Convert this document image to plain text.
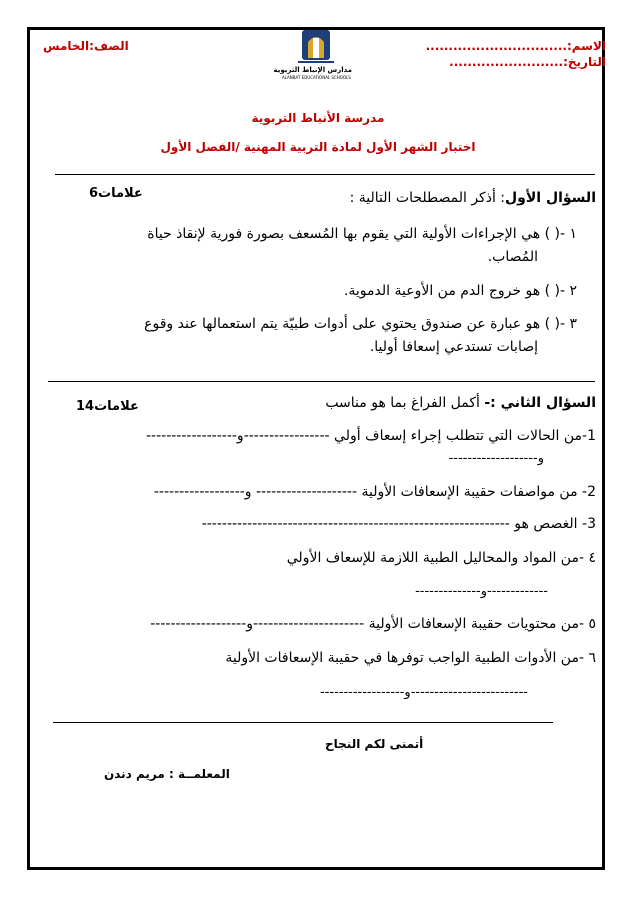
الاسم:...............................
التاريخ:.........................
الصف:الخامس
مدارس الإنباط التربوية
ALANBAT EDUCATIONAL SCHOOLS
مدرسة الأنباط التربوية
اختبار الشهر الأول لمادة التربية المهنية /الفصل الأول
السؤال الأول: أذكر المصطلحات التالية :
6علامات
١ -( ) هي الإجراءات الأولية التي يقوم بها المُسعف بصورة فورية لإنقاذ حياة
المُصاب.
٢ -( ) هو خروج الدم من الأوعية الدموية.
٣ -( ) هو عبارة عن صندوق يحتوي على أدوات طبيّة يتم استعمالها عند وقوع
إصابات تستدعي إسعافا أوليا.
السؤال الثاني :- أكمل الفراغ بما هو مناسب
14علامات
1-من الحالات التي تتطلب إجراء إسعاف أولي -----------------و------------------
و-------------------
2- من مواصفات حقيبة الإسعافات الأولية -------------------- و------------------
3- الغصص هو -------------------------------------------------------------
٤ -من المواد والمحاليل الطبية اللازمة للإسعاف الأولي
-------------و--------------
٥ -من محتويات حقيبة الإسعافات الأولية ----------------------و-------------------
٦ -من الأدوات الطبية الواجب توفرها في حقيبة الإسعافات الأولية
-------------------------و------------------
أتمنى لكم النجاح
المعلمــة : مريم دندن
